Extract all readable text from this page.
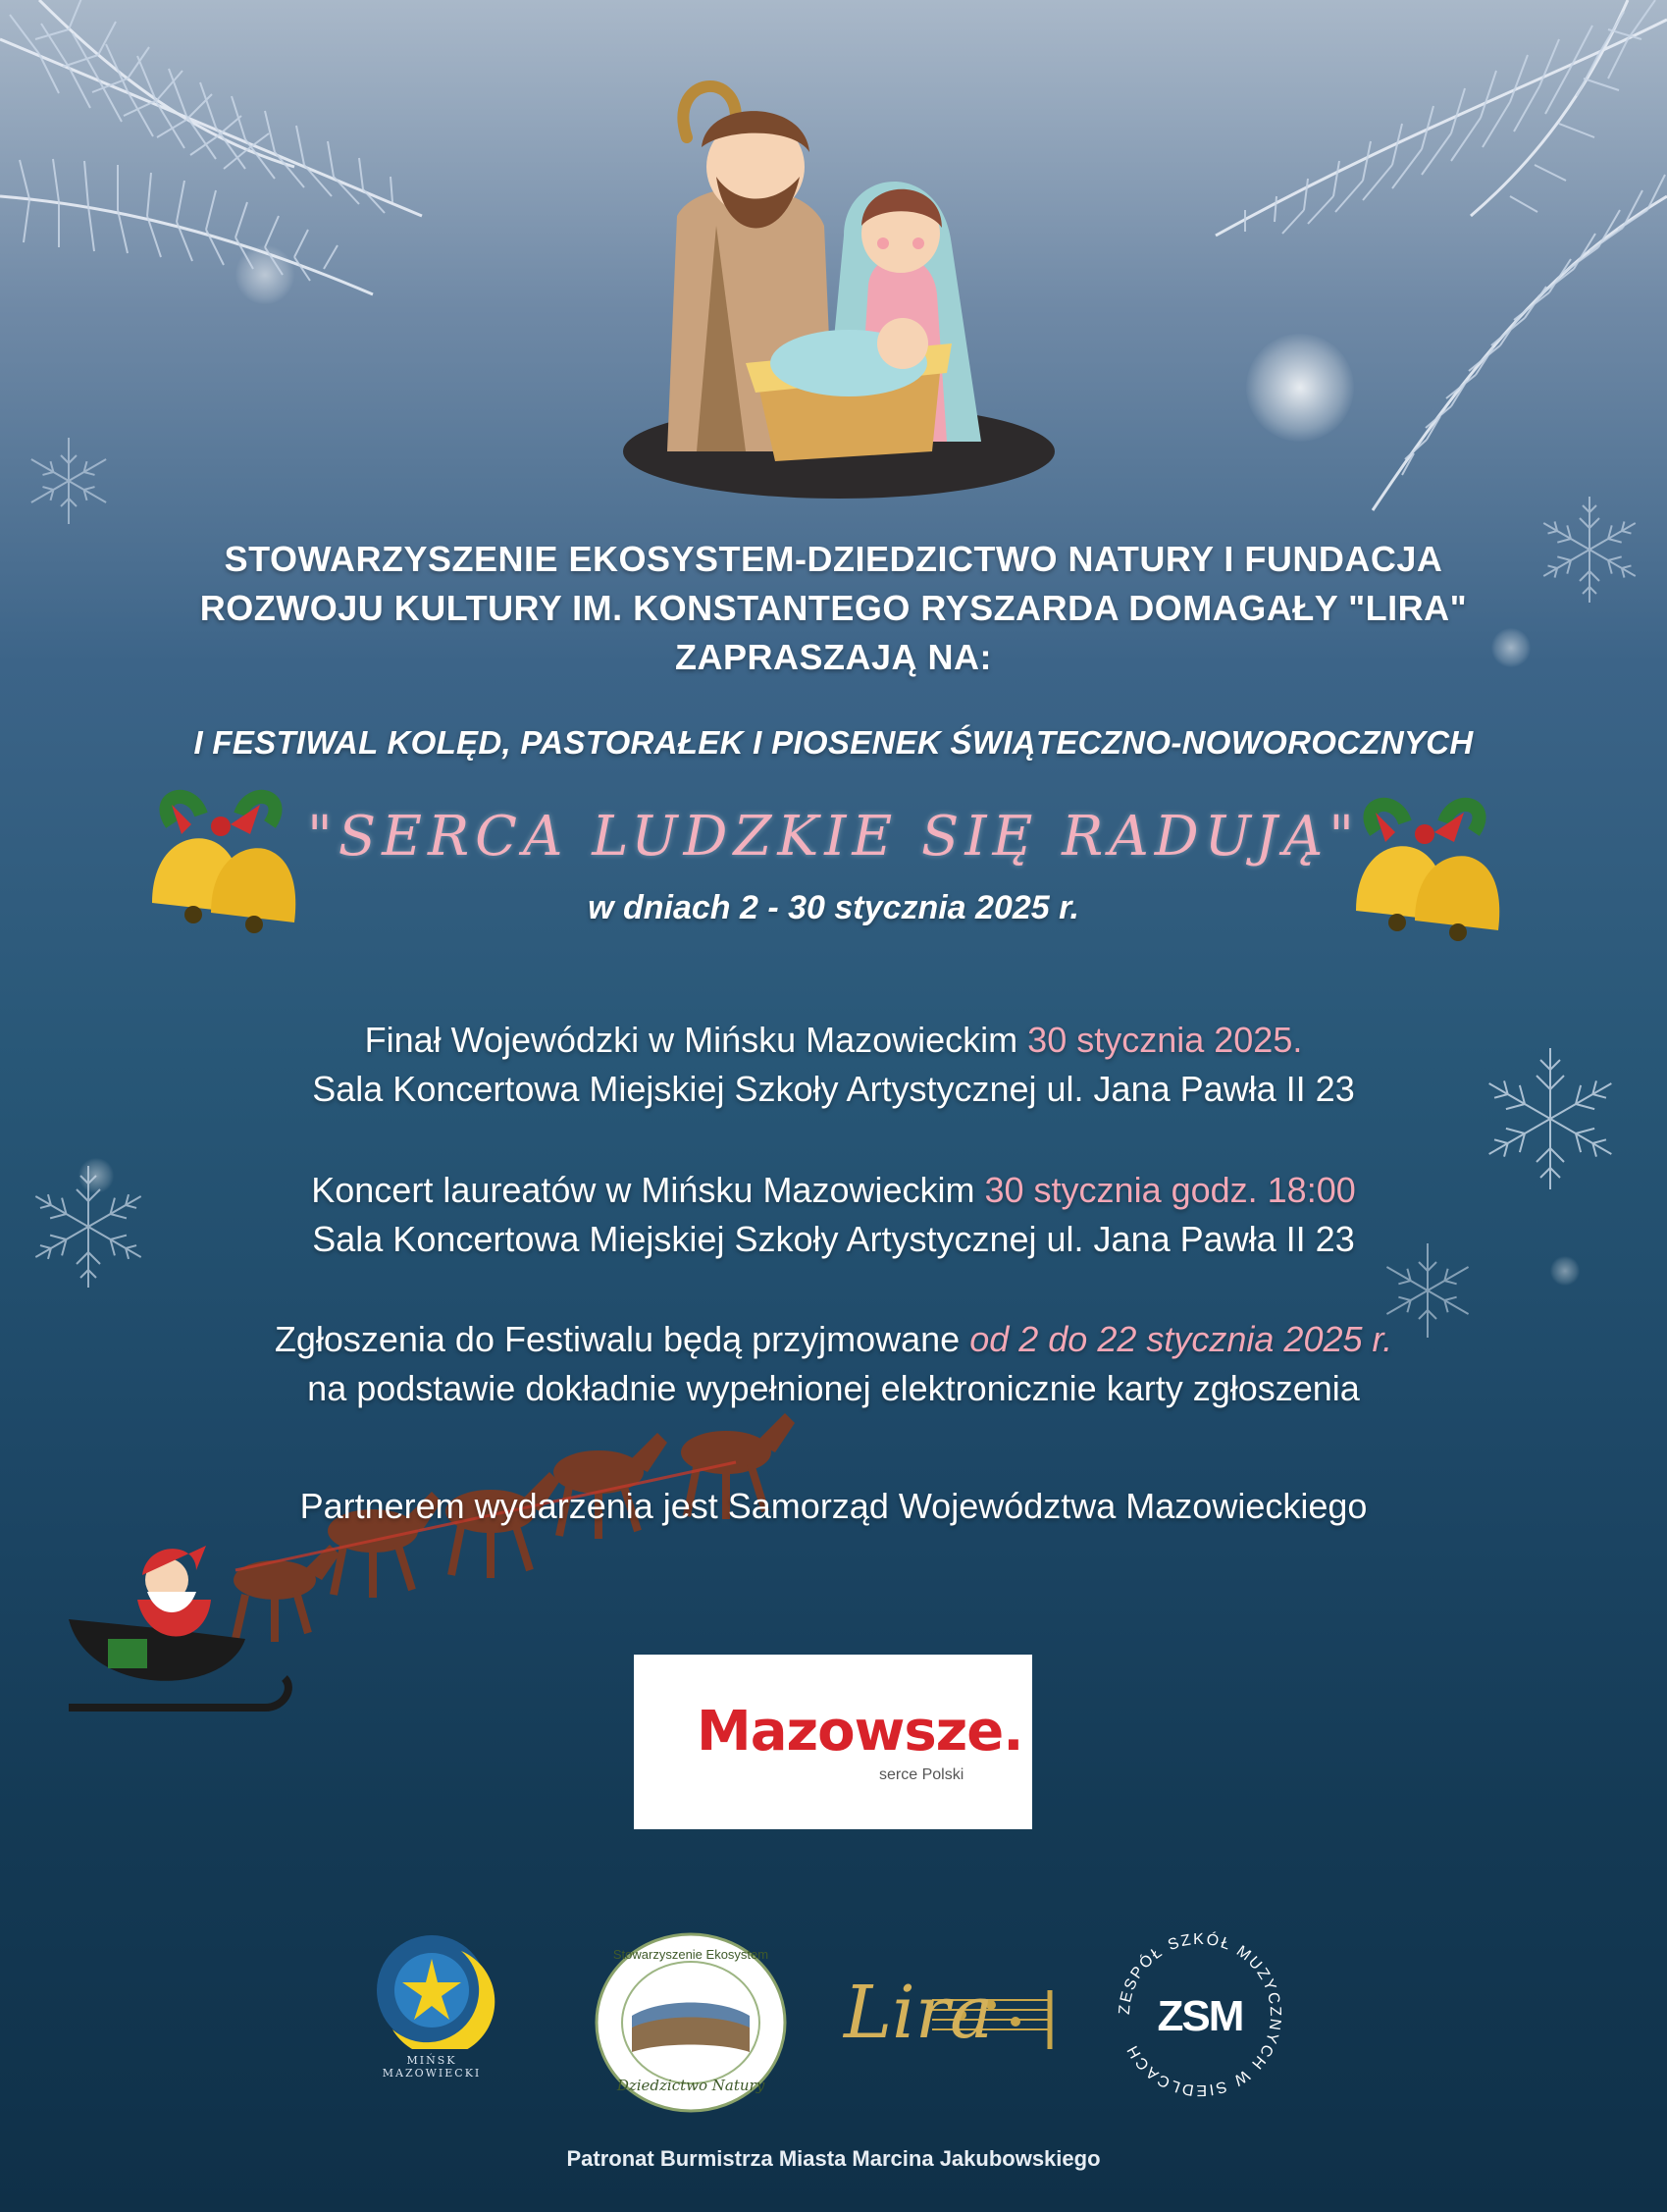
STOWARZYSZENIE EKOSYSTEM-DZIEDZICTWO NATURY I FUNDACJA
ROZWOJU KULTURY IM. KONSTANTEGO RYSZARDA DOMAGAŁY "LIRA"
ZAPRASZAJĄ NA:
I FESTIWAL KOLĘD, PASTORAŁEK I PIOSENEK ŚWIĄTECZNO-NOWOROCZNYCH
"SERCA LUDZKIE SIĘ RADUJĄ"
w dniach 2 - 30 stycznia 2025 r.
Finał Wojewódzki w Mińsku Mazowieckim 30 stycznia 2025.
Sala Koncertowa Miejskiej Szkoły Artystycznej ul. Jana Pawła II 23
Koncert laureatów w Mińsku Mazowieckim 30 stycznia godz. 18:00
Sala Koncertowa Miejskiej Szkoły Artystycznej ul. Jana Pawła II 23
Zgłoszenia do Festiwalu będą przyjmowane od 2 do 22 stycznia 2025 r.
na podstawie dokładnie wypełnionej elektronicznie karty zgłoszenia
Partnerem wydarzenia jest Samorząd Województwa Mazowieckiego
Mazowsze.
serce Polski
MIŃSK
MAZOWIECKI
Stowarzyszenie Ekosystem
Dziedzictwo Natury
Lira	ZESPÓŁ SZKÓŁ MUZYCZNYCH W SIEDLCACH
ZSM
Patronat Burmistrza Miasta Marcina Jakubowskiego
